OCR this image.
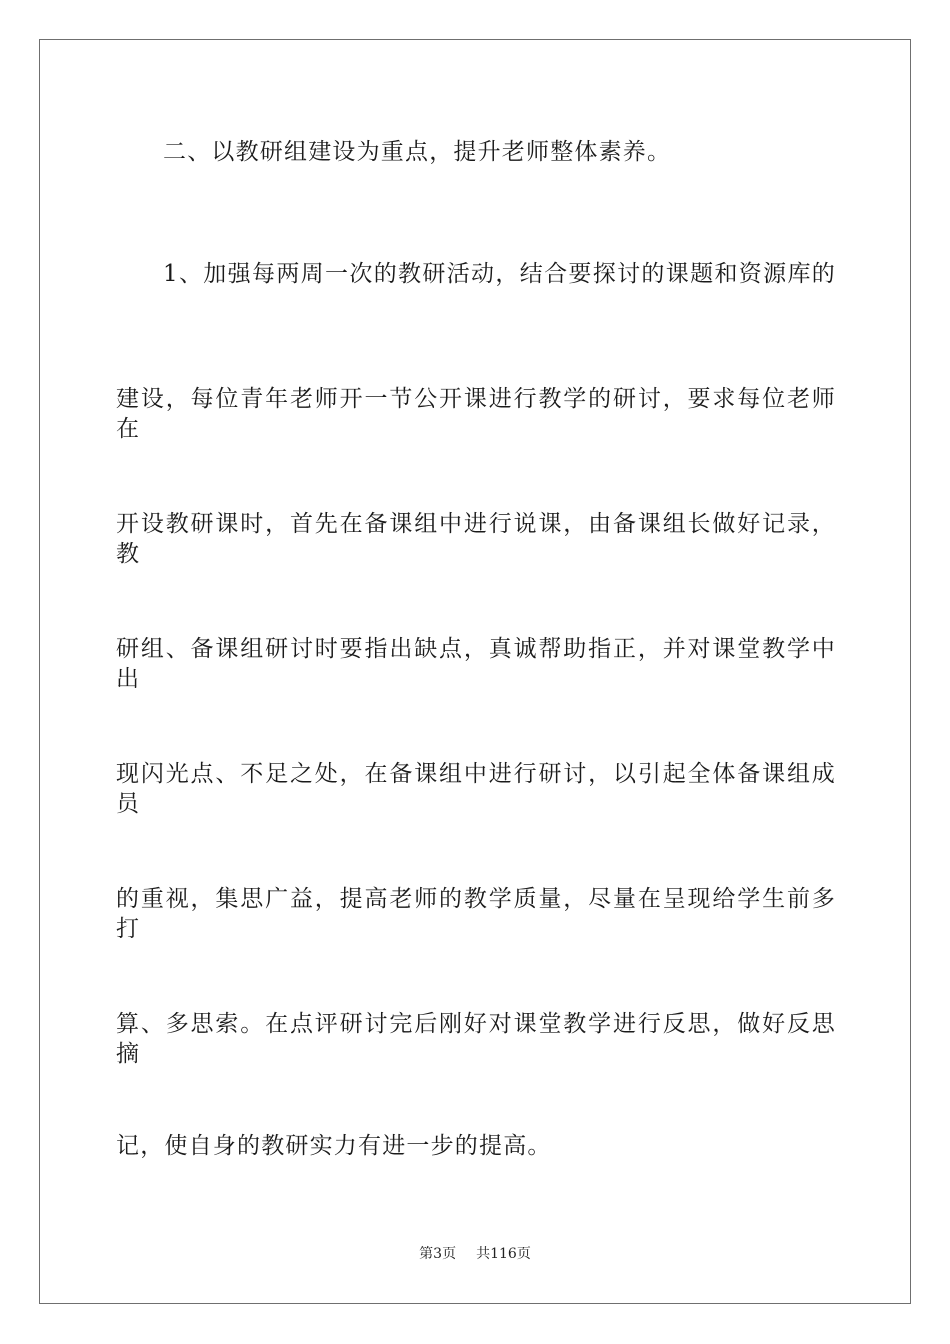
二、以教研组建设为重点，提升老师整体素养。

1、加强每两周一次的教研活动，结合要探讨的课题和资源库的

建设，每位青年老师开一节公开课进行教学的研讨，要求每位老师在

开设教研课时，首先在备课组中进行说课，由备课组长做好记录，教

研组、备课组研讨时要指出缺点，真诚帮助指正，并对课堂教学中出

现闪光点、不足之处，在备课组中进行研讨，以引起全体备课组成员

的重视，集思广益，提高老师的教学质量，尽量在呈现给学生前多打

算、多思索。在点评研讨完后刚好对课堂教学进行反思，做好反思摘

记，使自身的教研实力有进一步的提高。

第3页 共116页
